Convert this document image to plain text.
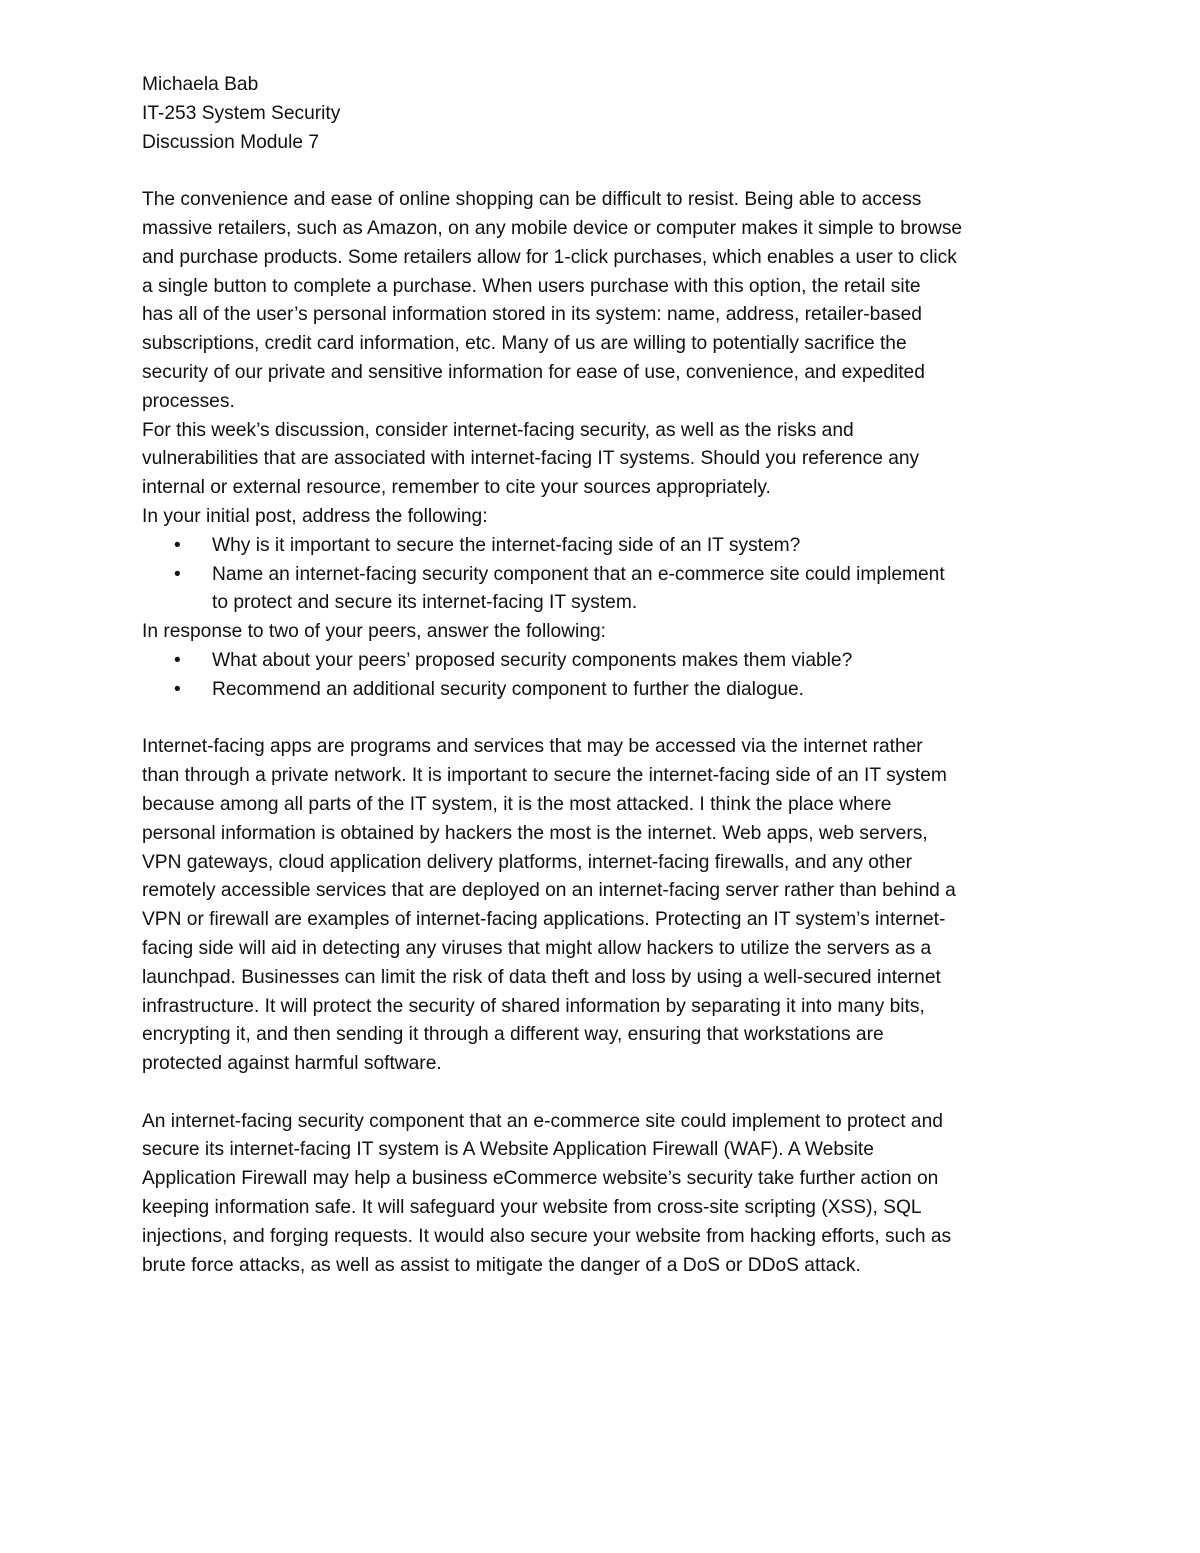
Michaela Bab
IT-253 System Security
Discussion Module 7
The convenience and ease of online shopping can be difficult to resist. Being able to access
massive retailers, such as Amazon, on any mobile device or computer makes it simple to browse
and purchase products. Some retailers allow for 1-click purchases, which enables a user to click
a single button to complete a purchase. When users purchase with this option, the retail site
has all of the user’s personal information stored in its system: name, address, retailer-based
subscriptions, credit card information, etc. Many of us are willing to potentially sacrifice the
security of our private and sensitive information for ease of use, convenience, and expedited
processes.
For this week’s discussion, consider internet-facing security, as well as the risks and
vulnerabilities that are associated with internet-facing IT systems. Should you reference any
internal or external resource, remember to cite your sources appropriately.
In your initial post, address the following:
• Why is it important to secure the internet-facing side of an IT system?
• Name an internet-facing security component that an e-commerce site could implement
to protect and secure its internet-facing IT system.
In response to two of your peers, answer the following:
• What about your peers’ proposed security components makes them viable?
• Recommend an additional security component to further the dialogue.
Internet-facing apps are programs and services that may be accessed via the internet rather
than through a private network. It is important to secure the internet-facing side of an IT system
because among all parts of the IT system, it is the most attacked. I think the place where
personal information is obtained by hackers the most is the internet. Web apps, web servers,
VPN gateways, cloud application delivery platforms, internet-facing firewalls, and any other
remotely accessible services that are deployed on an internet-facing server rather than behind a
VPN or firewall are examples of internet-facing applications. Protecting an IT system’s internet-
facing side will aid in detecting any viruses that might allow hackers to utilize the servers as a
launchpad. Businesses can limit the risk of data theft and loss by using a well-secured internet
infrastructure. It will protect the security of shared information by separating it into many bits,
encrypting it, and then sending it through a different way, ensuring that workstations are
protected against harmful software.
An internet-facing security component that an e-commerce site could implement to protect and
secure its internet-facing IT system is A Website Application Firewall (WAF). A Website
Application Firewall may help a business eCommerce website’s security take further action on
keeping information safe. It will safeguard your website from cross-site scripting (XSS), SQL
injections, and forging requests. It would also secure your website from hacking efforts, such as
brute force attacks, as well as assist to mitigate the danger of a DoS or DDoS attack.
